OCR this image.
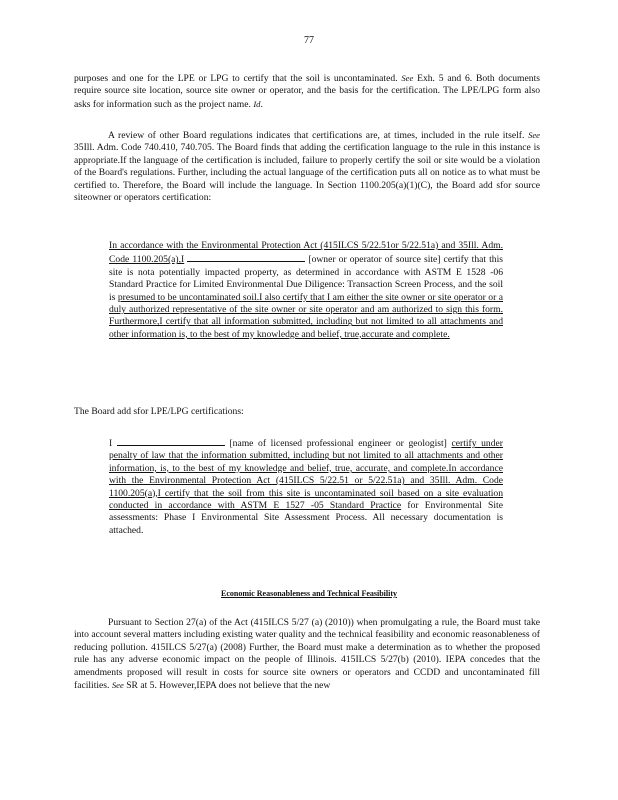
77

purposes and one for the LPE or LPG to certify that the soil is uncontaminated. See Exh. 5 and 6. Both documents require source site location, source site owner or operator, and the basis for the certification. The LPE/LPG form also asks for information such as the project name. Id.

A review of other Board regulations indicates that certifications are, at times, included in the rule itself. See 35Ill. Adm. Code 740.410, 740.705. The Board finds that adding the certification language to the rule in this instance is appropriate.If the language of the certification is included, failure to properly certify the soil or site would be a violation of the Board's regulations. Further, including the actual language of the certification puts all on notice as to what must be certified to. Therefore, the Board will include the language. In Section 1100.205(a)(1)(C), the Board add sfor source siteowner or operators certification:

In accordance with the Environmental Protection Act (415ILCS 5/22.51or 5/22.51a) and 35Ill. Adm. Code 1100.205(a),I	[owner or operator of source site] certify that this site is nota potentially impacted property, as determined in accordance with ASTM E 1528 -06 Standard Practice for Limited Environmental Due Diligence: Transaction Screen Process, and the soil is presumed to be uncontaminated soil.I also certify that I am either the site owner or site operator or a duly authorized representative of the site owner or site operator and am authorized to sign this form. Furthermore,I certify that all information submitted, including but not limited to all attachments and other information is, to the best of my knowledge and belief, true,accurate and complete.

The Board add sfor LPE/LPG certifications:

I	[name of licensed professional engineer or geologist] certify under penalty of law that the information submitted, including but not limited to all attachments and other information, is, to the best of my knowledge and belief, true, accurate, and complete.In accordance with the Environmental Protection Act (415ILCS 5/22.51 or 5/22.51a) and 35Ill. Adm. Code 1100.205(a),I certify that the soil from this site is uncontaminated soil based on a site evaluation conducted in accordance with ASTM E 1527 -05 Standard Practice for Environmental Site assessments: Phase I Environmental Site Assessment Process. All necessary documentation is attached.

Economic Reasonableness and Technical Feasibility

Pursuant to Section 27(a) of the Act (415ILCS 5/27 (a) (2010)) when promulgating a rule, the Board must take into account several matters including existing water quality and the technical feasibility and economic reasonableness of reducing pollution. 415ILCS 5/27(a) (2008) Further, the Board must make a determination as to whether the proposed rule has any adverse economic impact on the people of Illinois. 415ILCS 5/27(b) (2010). IEPA concedes that the amendments proposed will result in costs for source site owners or operators and CCDD and uncontaminated fill facilities. See SR at 5. However,IEPA does not believe that the new
